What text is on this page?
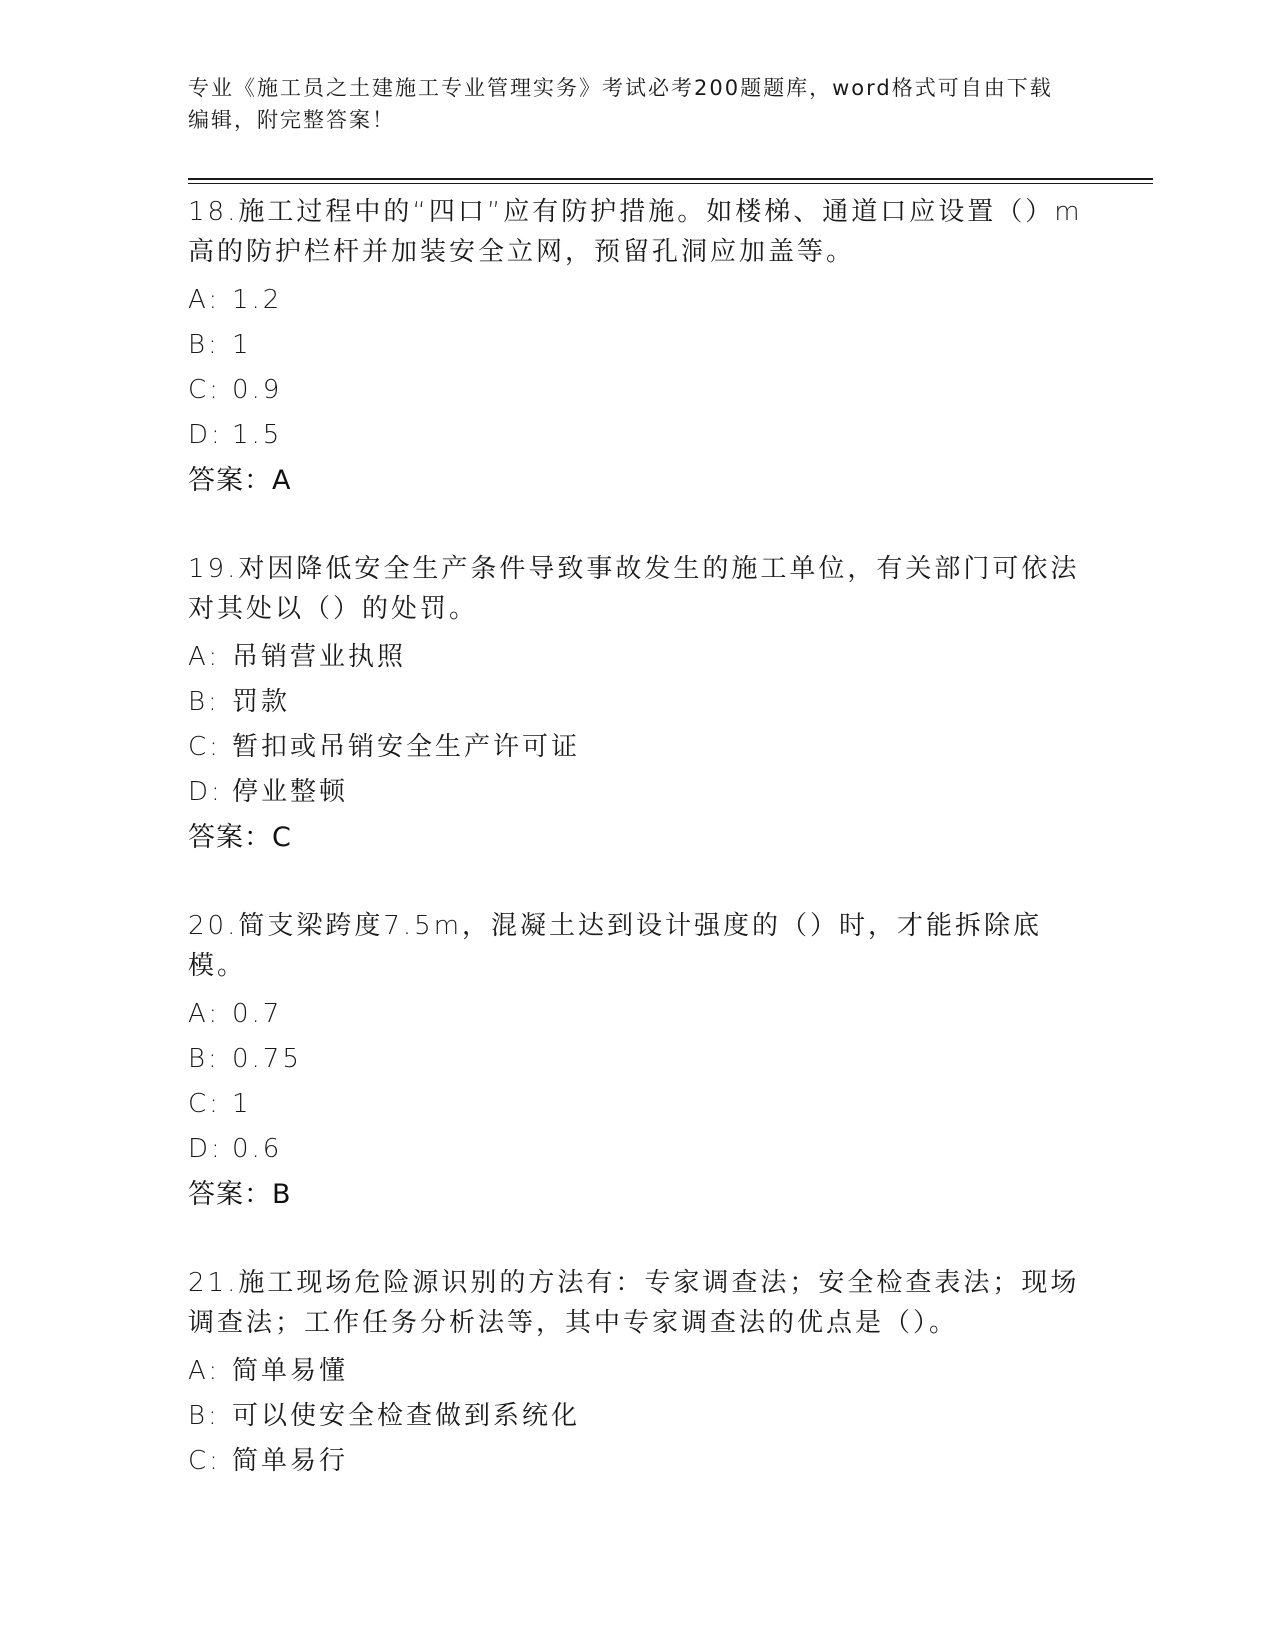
专业《施工员之土建施工专业管理实务》考试必考200题题库，word格式可自由下载编辑，附完整答案！
18.施工过程中的“四口”应有防护措施。如楼梯、通道口应设置（）m高的防护栏杆并加装安全立网，预留孔洞应加盖等。
A: 1.2
B: 1
C: 0.9
D: 1.5
答案：A
19.对因降低安全生产条件导致事故发生的施工单位，有关部门可依法对其处以（）的处罚。
A: 吊销营业执照
B: 罚款
C: 暂扣或吊销安全生产许可证
D: 停业整顿
答案：C
20.简支梁跨度7.5m，混凝土达到设计强度的（）时，才能拆除底模。
A: 0.7
B: 0.75
C: 1
D: 0.6
答案：B
21.施工现场危险源识别的方法有：专家调查法；安全检查表法；现场调查法；工作任务分析法等，其中专家调查法的优点是（）。
A: 简单易懂
B: 可以使安全检查做到系统化
C: 简单易行
